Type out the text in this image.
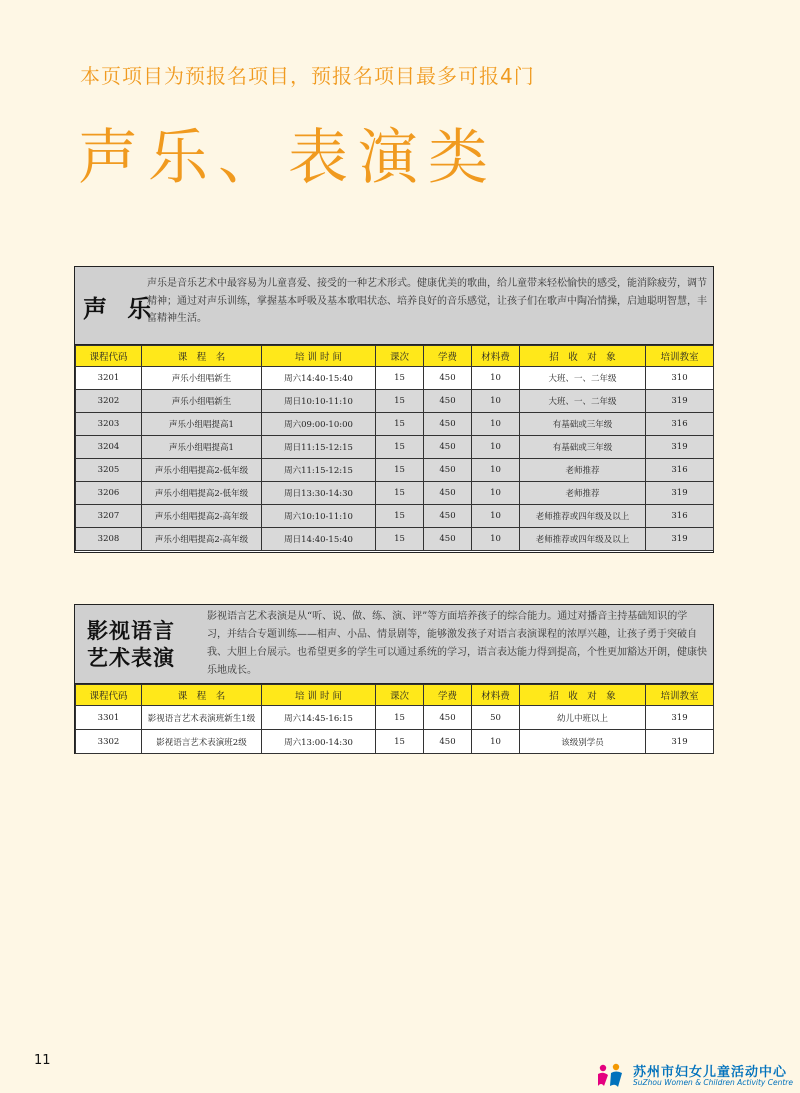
本页项目为预报名项目，预报名项目最多可报4门
声乐、表演类
声 乐
声乐是音乐艺术中最容易为儿童喜爱、接受的一种艺术形式。健康优美的歌曲，给儿童带来轻松愉快的感受，能消除疲劳，调节精神；通过对声乐训练，掌握基本呼吸及基本歌唱状态、培养良好的音乐感觉，让孩子们在歌声中陶冶情操，启迪聪明智慧，丰富精神生活。
课程代码	课　程　名	培 训 时 间	课次	学费	材料费	招　收　对　象	培训教室
3201	声乐小组唱新生	周六14:40-15:40	15	450	10	大班、一、二年级	310
3202	声乐小组唱新生	周日10:10-11:10	15	450	10	大班、一、二年级	319
3203	声乐小组唱提高1	周六09:00-10:00	15	450	10	有基础或三年级	316
3204	声乐小组唱提高1	周日11:15-12:15	15	450	10	有基础或三年级	319
3205	声乐小组唱提高2-低年级	周六11:15-12:15	15	450	10	老师推荐	316
3206	声乐小组唱提高2-低年级	周日13:30-14:30	15	450	10	老师推荐	319
3207	声乐小组唱提高2-高年级	周六10:10-11:10	15	450	10	老师推荐或四年级及以上	316
3208	声乐小组唱提高2-高年级	周日14:40-15:40	15	450	10	老师推荐或四年级及以上	319
影视语言
艺术表演
影视语言艺术表演是从“听、说、做、练、演、评”等方面培养孩子的综合能力。通过对播音主持基础知识的学习，并结合专题训练——相声、小品、情景剧等，能够激发孩子对语言表演课程的浓厚兴趣，让孩子勇于突破自我、大胆上台展示。也希望更多的学生可以通过系统的学习，语言表达能力得到提高，个性更加豁达开朗，健康快乐地成长。
课程代码	课　程　名	培 训 时 间	课次	学费	材料费	招　收　对　象	培训教室
3301	影视语言艺术表演班新生1级	周六14:45-16:15	15	450	50	幼儿中班以上	319
3302	影视语言艺术表演班2级	周六13:00-14:30	15	450	10	该级别学员	319
11
苏州市妇女儿童活动中心
SuZhou Women & Children Activity Centre
